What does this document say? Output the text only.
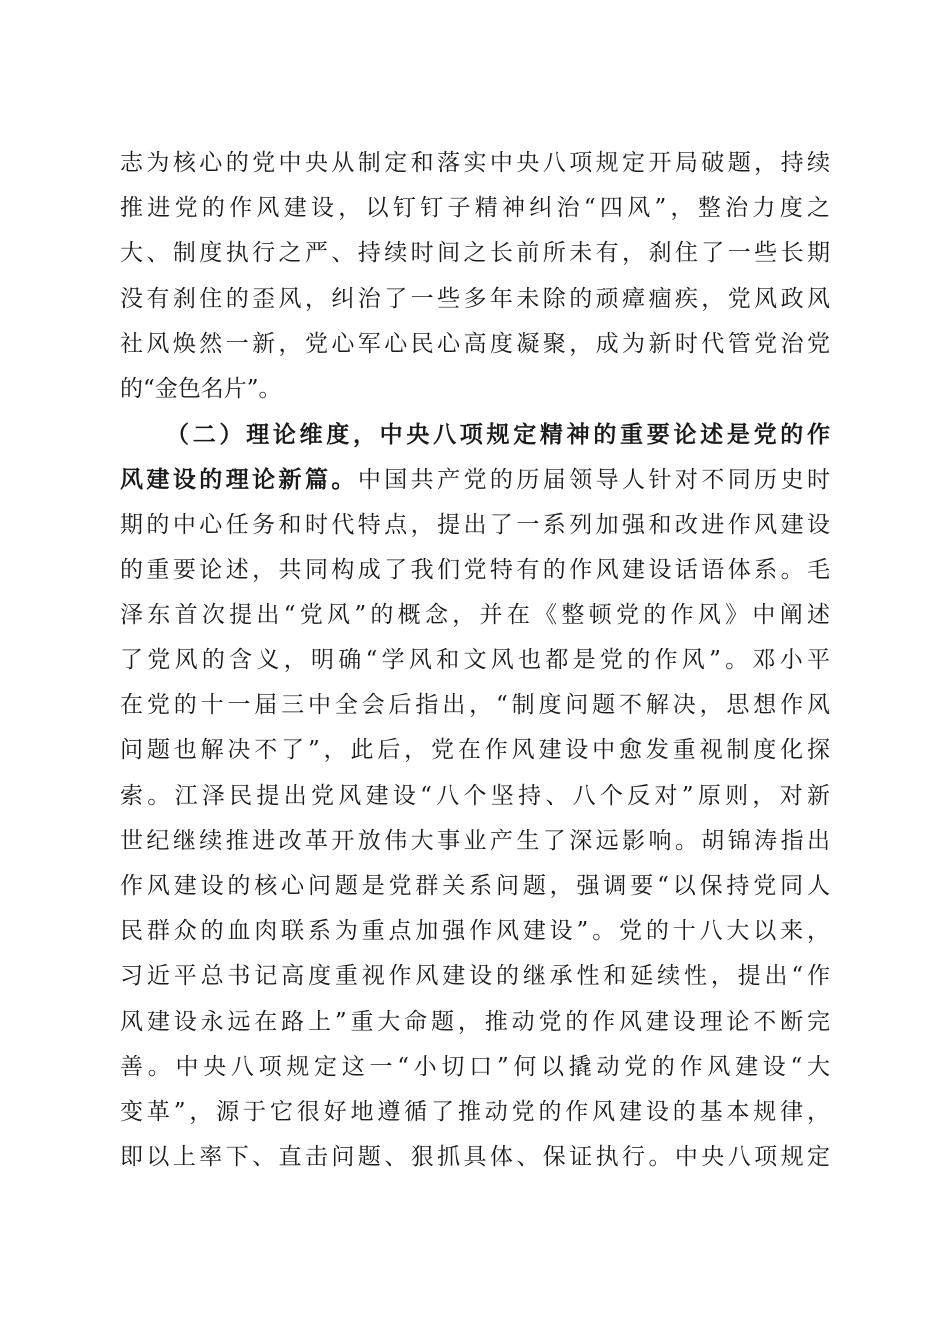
志为核心的党中央从制定和落实中央八项规定开局破题，持续
推进党的作风建设，以钉钉子精神纠治“四风”，整治力度之
大、制度执行之严、持续时间之长前所未有，刹住了一些长期
没有刹住的歪风，纠治了一些多年未除的顽瘴痼疾，党风政风
社风焕然一新，党心军心民心高度凝聚，成为新时代管党治党
的“金色名片”。
（二）理论维度，中央八项规定精神的重要论述是党的作
风建设的理论新篇。中国共产党的历届领导人针对不同历史时
期的中心任务和时代特点，提出了一系列加强和改进作风建设
的重要论述，共同构成了我们党特有的作风建设话语体系。毛
泽东首次提出“党风”的概念，并在《整顿党的作风》中阐述
了党风的含义，明确“学风和文风也都是党的作风”。邓小平
在党的十一届三中全会后指出，“制度问题不解决，思想作风
问题也解决不了”，此后，党在作风建设中愈发重视制度化探
索。江泽民提出党风建设“八个坚持、八个反对”原则，对新
世纪继续推进改革开放伟大事业产生了深远影响。胡锦涛指出
作风建设的核心问题是党群关系问题，强调要“以保持党同人
民群众的血肉联系为重点加强作风建设”。党的十八大以来，
习近平总书记高度重视作风建设的继承性和延续性，提出“作
风建设永远在路上”重大命题，推动党的作风建设理论不断完
善。中央八项规定这一“小切口”何以撬动党的作风建设“大
变革”，源于它很好地遵循了推动党的作风建设的基本规律，
即以上率下、直击问题、狠抓具体、保证执行。中央八项规定
